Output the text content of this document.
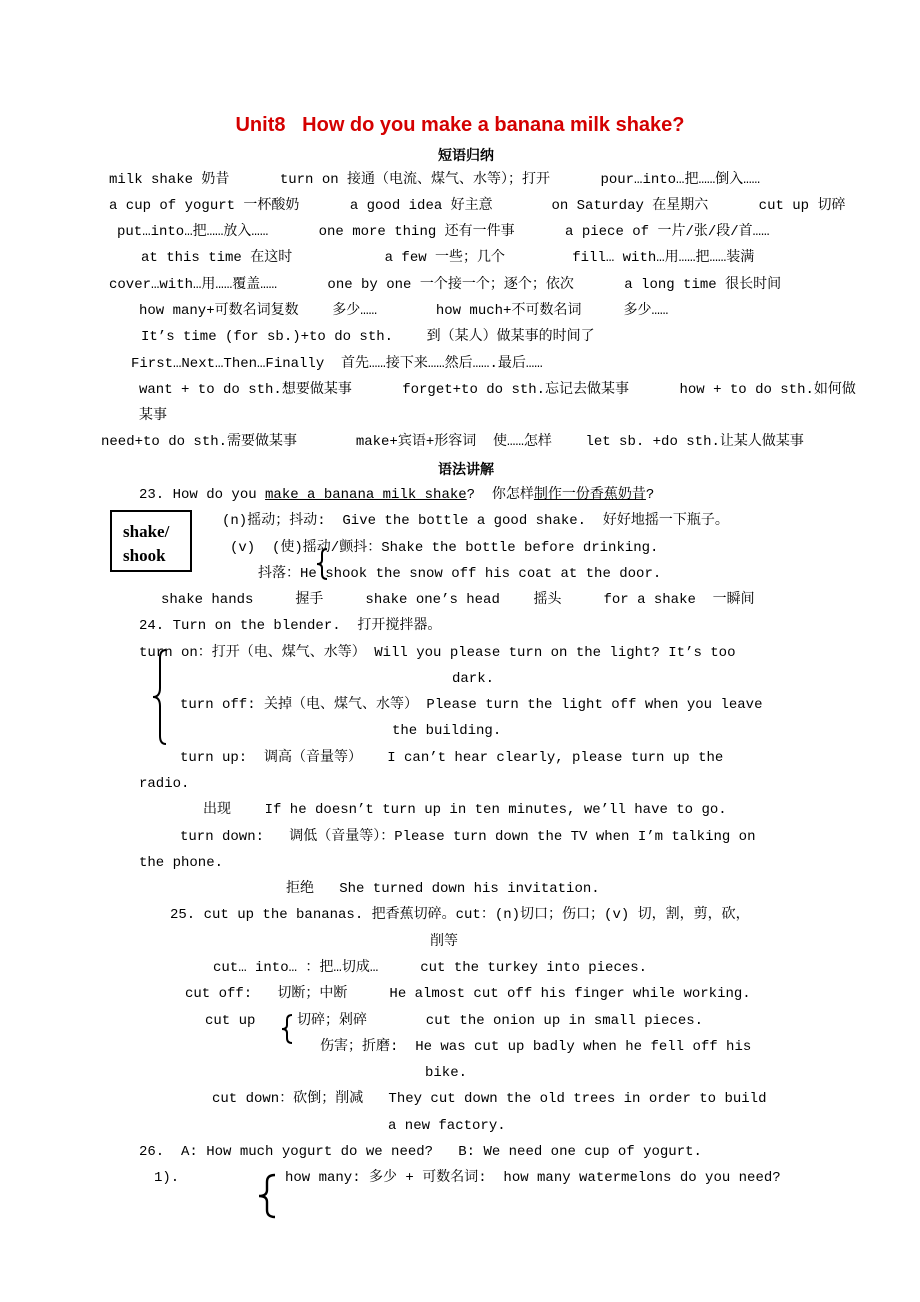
Unit8   How do you make a banana milk shake?
短语归纳
milk shake 奶昔      turn on 接通（电流、煤气、水等）；打开      pour…into…把……倒入……
a cup of yogurt 一杯酸奶      a good idea 好主意       on Saturday 在星期六      cut up 切碎
put…into…把……放入……      one more thing 还有一件事      a piece of 一片/张/段/首……
at this time 在这时           a few 一些；几个        fill… with…用……把……装满
cover…with…用……覆盖……      one by one 一个接一个；逐个；依次      a long time 很长时间
how many+可数名词复数    多少……       how much+不可数名词     多少……
It’s time (for sb.)+to do sth.    到（某人）做某事的时间了
First…Next…Then…Finally  首先……接下来……然后…….最后……
want + to do sth.想要做某事      forget+to do sth.忘记去做某事      how + to do sth.如何做
某事
need+to do sth.需要做某事       make+宾语+形容词  使……怎样    let sb. +do sth.让某人做某事
语法讲解
23. How do you make a banana milk shake?  你怎样制作一份香蕉奶昔?
shake/
shook
(n)摇动；抖动:  Give the bottle a good shake.  好好地摇一下瓶子。
(v)  (使)摇动/颤抖：Shake the bottle before drinking.
抖落：He shook the snow off his coat at the door.
shake hands     握手     shake one’s head    摇头     for a shake  一瞬间
24. Turn on the blender.  打开搅拌器。
turn on：打开（电、煤气、水等） Will you please turn on the light? It’s too
dark.
turn off: 关掉（电、煤气、水等） Please turn the light off when you leave
the building.
turn up:  调高（音量等）   I can’t hear clearly, please turn up the
radio.
出现    If he doesn’t turn up in ten minutes, we’ll have to go.
turn down:   调低（音量等）：Please turn down the TV when I’m talking on
the phone.
拒绝   She turned down his invitation.
25. cut up the bananas. 把香蕉切碎。cut：(n)切口；伤口；(v) 切，割，剪，砍，
削等
cut… into… ：把…切成…     cut the turkey into pieces.
cut off:   切断；中断     He almost cut off his finger while working.
cut up	切碎；剁碎       cut the onion up in small pieces.
伤害；折磨:  He was cut up badly when he fell off his
bike.
cut down：砍倒；削减   They cut down the old trees in order to build
a new factory.
26.  A: How much yogurt do we need?   B: We need one cup of yogurt.
1).	how many: 多少 + 可数名词:  how many watermelons do you need?
